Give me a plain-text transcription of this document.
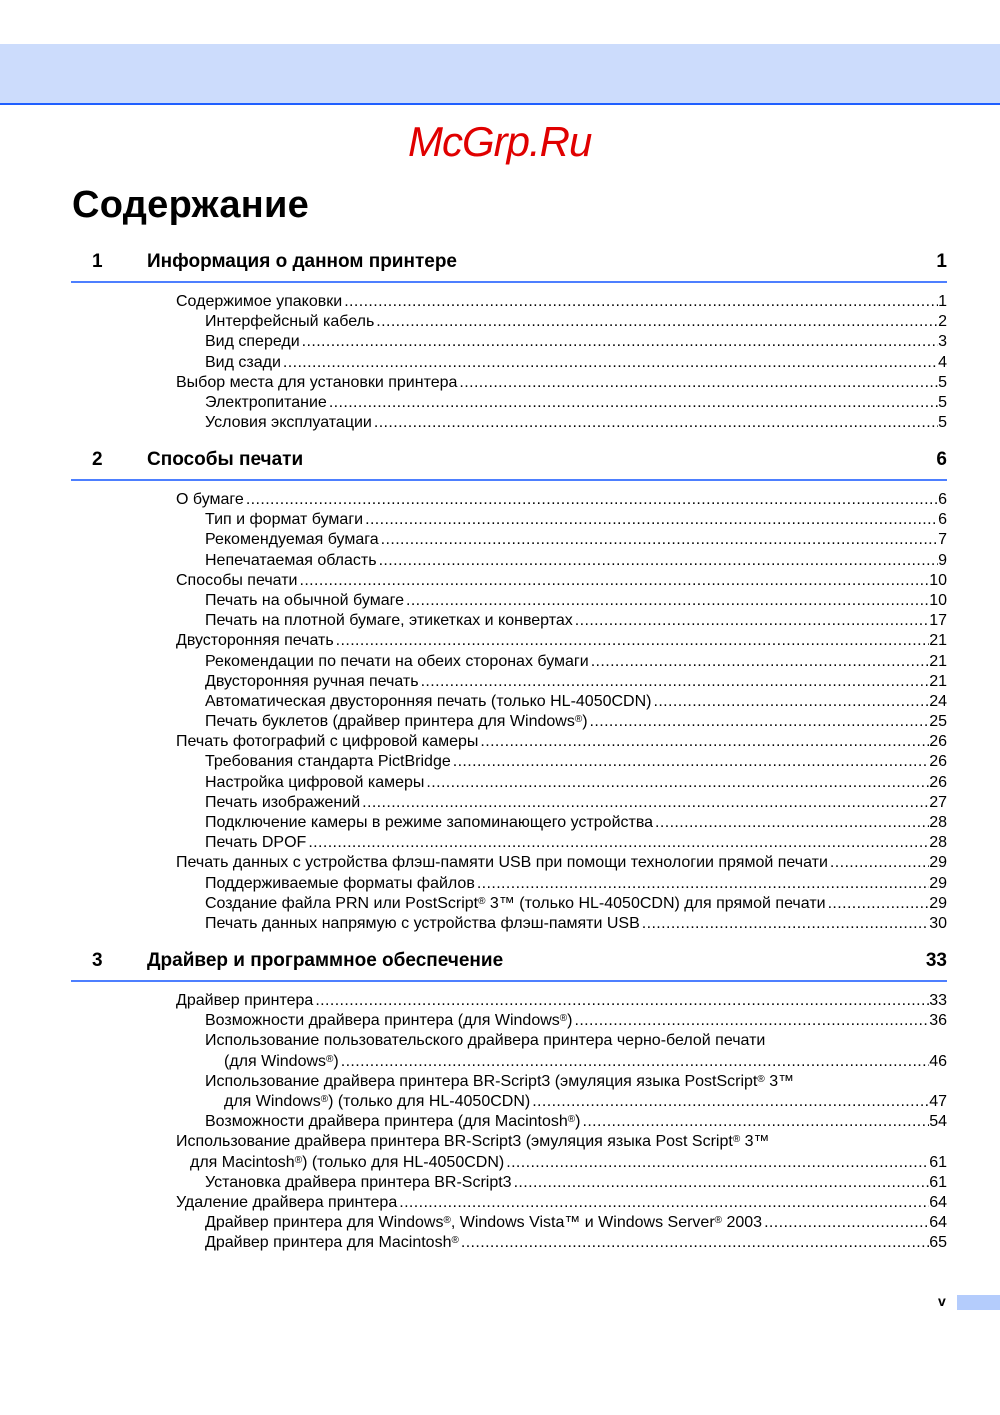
McGrp.Ru
Содержание
1 Информация о данном принтере	1
Содержимое упаковки .....	1
Интерфейсный кабель .....	2
Вид спереди .....	3
Вид сзади .....	4
Выбор места для установки принтера .....	5
Электропитание .....	5
Условия эксплуатации .....	5
2 Способы печати	6
О бумаге .....	6
Тип и формат бумаги .....	6
Рекомендуемая бумага .....	7
Непечатаемая область .....	9
Способы печати .....	10
Печать на обычной бумаге .....	10
Печать на плотной бумаге, этикетках и конвертах .....	17
Двусторонняя печать .....	21
Рекомендации по печати на обеих сторонах бумаги .....	21
Двусторонняя ручная печать .....	21
Автоматическая двусторонняя печать (только HL-4050CDN) .....	24
Печать буклетов (драйвер принтера для Windows®) .....	25
Печать фотографий с цифровой камеры .....	26
Требования стандарта PictBridge .....	26
Настройка цифровой камеры .....	26
Печать изображений .....	27
Подключение камеры в режиме запоминающего устройства .....	28
Печать DPOF .....	28
Печать данных с устройства флэш-памяти USB при помощи технологии прямой печати .....	29
Поддерживаемые форматы файлов .....	29
Создание файла PRN или PostScript® 3™ (только HL-4050CDN) для прямой печати .....	29
Печать данных напрямую с устройства флэш-памяти USB .....	30
3 Драйвер и программное обеспечение	33
Драйвер принтера .....	33
Возможности драйвера принтера (для Windows®) .....	36
Использование пользовательского драйвера принтера черно-белой печати
(для Windows®) .....	46
Использование драйвера принтера BR-Script3 (эмуляция языка PostScript® 3™
для Windows®) (только для HL-4050CDN) .....	47
Возможности драйвера принтера (для Macintosh®) .....	54
Использование драйвера принтера BR-Script3 (эмуляция языка Post Script® 3™
для Macintosh®) (только для HL-4050CDN) .....	61
Установка драйвера принтера BR-Script3 .....	61
Удаление драйвера принтера .....	64
Драйвер принтера для Windows®, Windows Vista™ и Windows Server® 2003 .....	64
Драйвер принтера для Macintosh® .....	65
v
